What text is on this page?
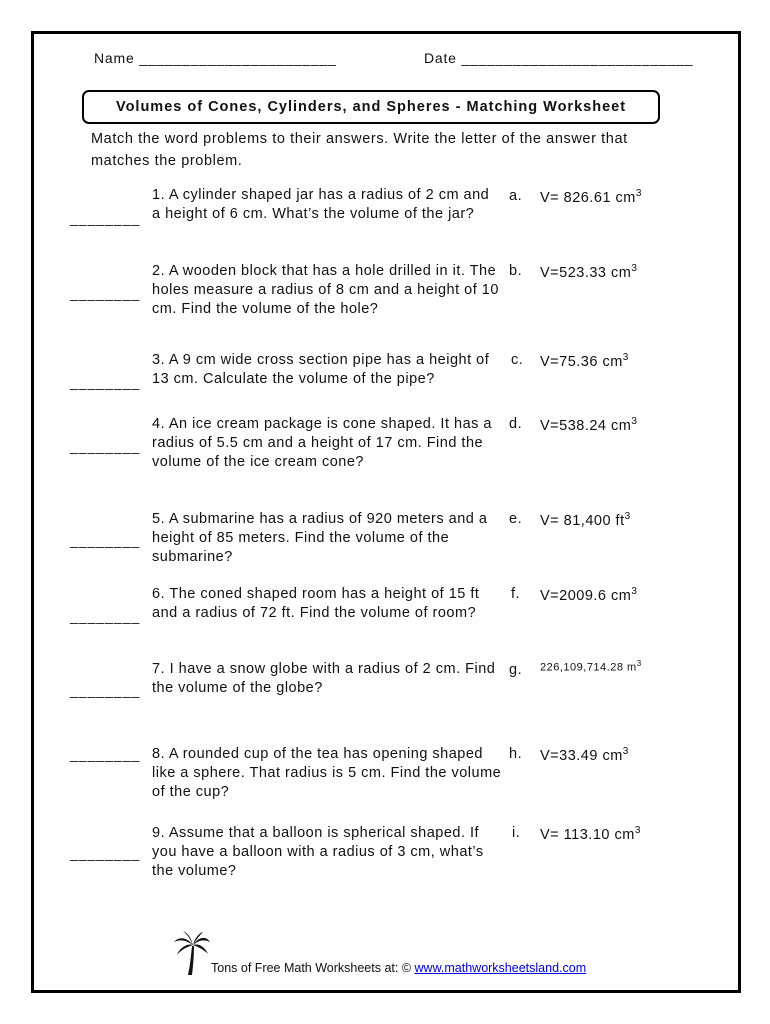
Name _______________________	Date ___________________________
Volumes of Cones, Cylinders, and Spheres - Matching Worksheet
Match the word problems to their answers. Write the letter of the answer that matches the problem.
________
1. A cylinder shaped jar has a radius of 2 cm and a height of 6 cm. What’s the volume of the jar?
a. V= 826.61 $cm^3$
________
2. A wooden block that has a hole drilled in it. The holes measure a radius of 8 cm and a height of 10 cm. Find the volume of the hole?
b. V=523.33 $cm^3$
________
3. A 9 cm wide cross section pipe has a height of 13 cm. Calculate the volume of the pipe?
c. V=75.36 $cm^3$
________
4. An ice cream package is cone shaped. It has a radius of 5.5 cm and a height of 17 cm. Find the volume of the ice cream cone?
d. V=538.24 $cm^3$
________
5. A submarine has a radius of 920 meters and a height of 85 meters. Find the volume of the submarine?
e. V= 81,400 $ft^3$
________
6. The coned shaped room has a height of 15 ft and a radius of 72 ft. Find the volume of room?
f. V=2009.6 $cm^3$
________
7. I have a snow globe with a radius of 2 cm. Find the volume of the globe?
g. 226,109,714.28 $m^3$
________ 8. A rounded cup of the tea has opening shaped like a sphere. That radius is 5 cm. Find the volume of the cup?
h. V=33.49 $cm^3$
________
9. Assume that a balloon is spherical shaped. If you have a balloon with a radius of 3 cm, what’s the volume?
i. V= 113.10 $cm^3$
Tons of Free Math Worksheets at: © www.mathworksheetsland.com
